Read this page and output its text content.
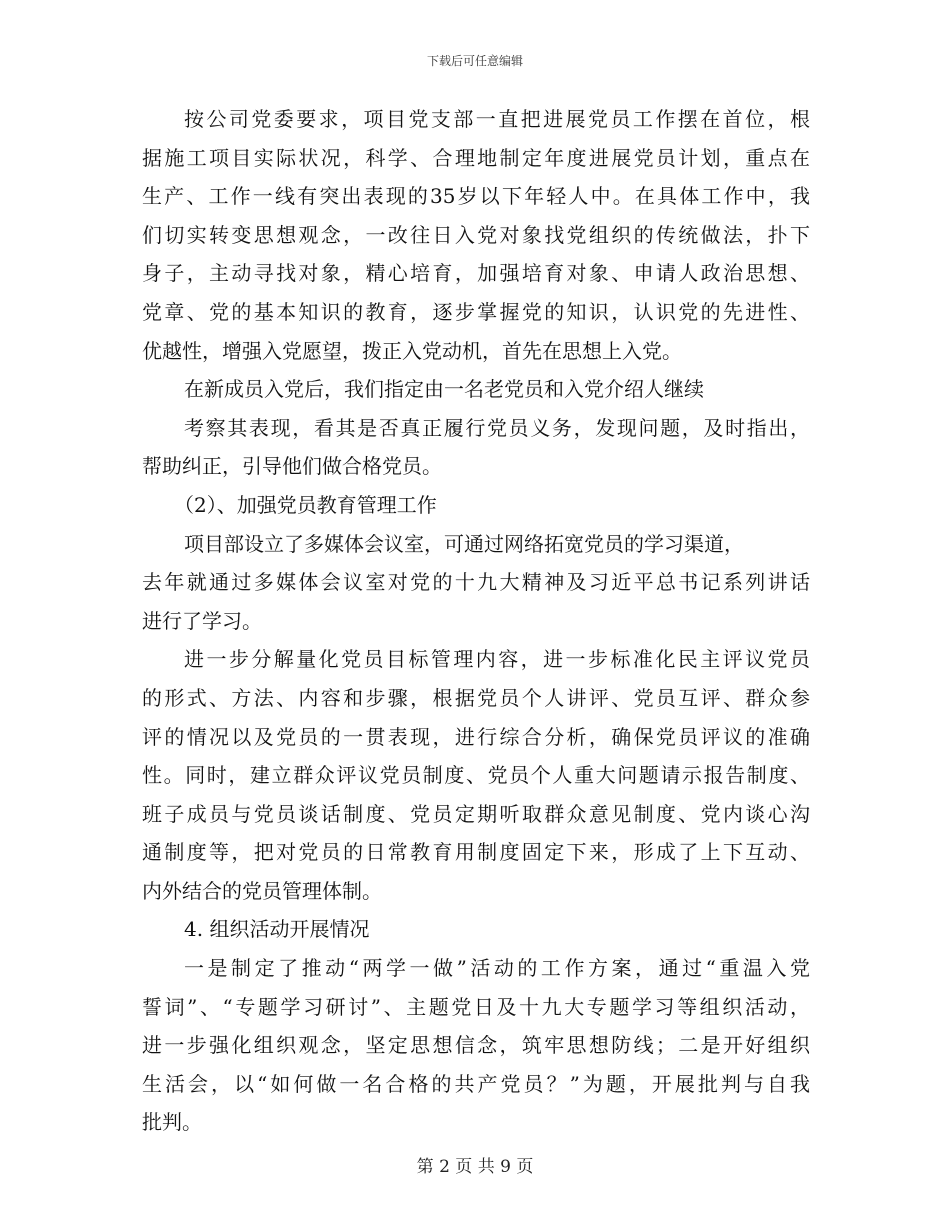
下载后可任意编辑
按公司党委要求，项目党支部一直把进展党员工作摆在首位，根
据施工项目实际状况，科学、合理地制定年度进展党员计划，重点在
生产、工作一线有突出表现的35岁以下年轻人中。在具体工作中，我
们切实转变思想观念，一改往日入党对象找党组织的传统做法，扑下
身子，主动寻找对象，精心培育，加强培育对象、申请人政治思想、
党章、党的基本知识的教育，逐步掌握党的知识，认识党的先进性、
优越性，增强入党愿望，拨正入党动机，首先在思想上入党。
在新成员入党后，我们指定由一名老党员和入党介绍人继续
考察其表现，看其是否真正履行党员义务，发现问题，及时指出，
帮助纠正，引导他们做合格党员。
（2）、加强党员教育管理工作
项目部设立了多媒体会议室，可通过网络拓宽党员的学习渠道，
去年就通过多媒体会议室对党的十九大精神及习近平总书记系列讲话
进行了学习。
进一步分解量化党员目标管理内容，进一步标准化民主评议党员
的形式、方法、内容和步骤，根据党员个人讲评、党员互评、群众参
评的情况以及党员的一贯表现，进行综合分析，确保党员评议的准确
性。同时，建立群众评议党员制度、党员个人重大问题请示报告制度、
班子成员与党员谈话制度、党员定期听取群众意见制度、党内谈心沟
通制度等，把对党员的日常教育用制度固定下来，形成了上下互动、
内外结合的党员管理体制。
4. 组织活动开展情况
一是制定了推动“两学一做”活动的工作方案，通过“重温入党
誓词”、“专题学习研讨”、主题党日及十九大专题学习等组织活动，
进一步强化组织观念，坚定思想信念，筑牢思想防线；二是开好组织
生活会，以“如何做一名合格的共产党员？”为题，开展批判与自我
批判。
第 2 页 共 9 页
